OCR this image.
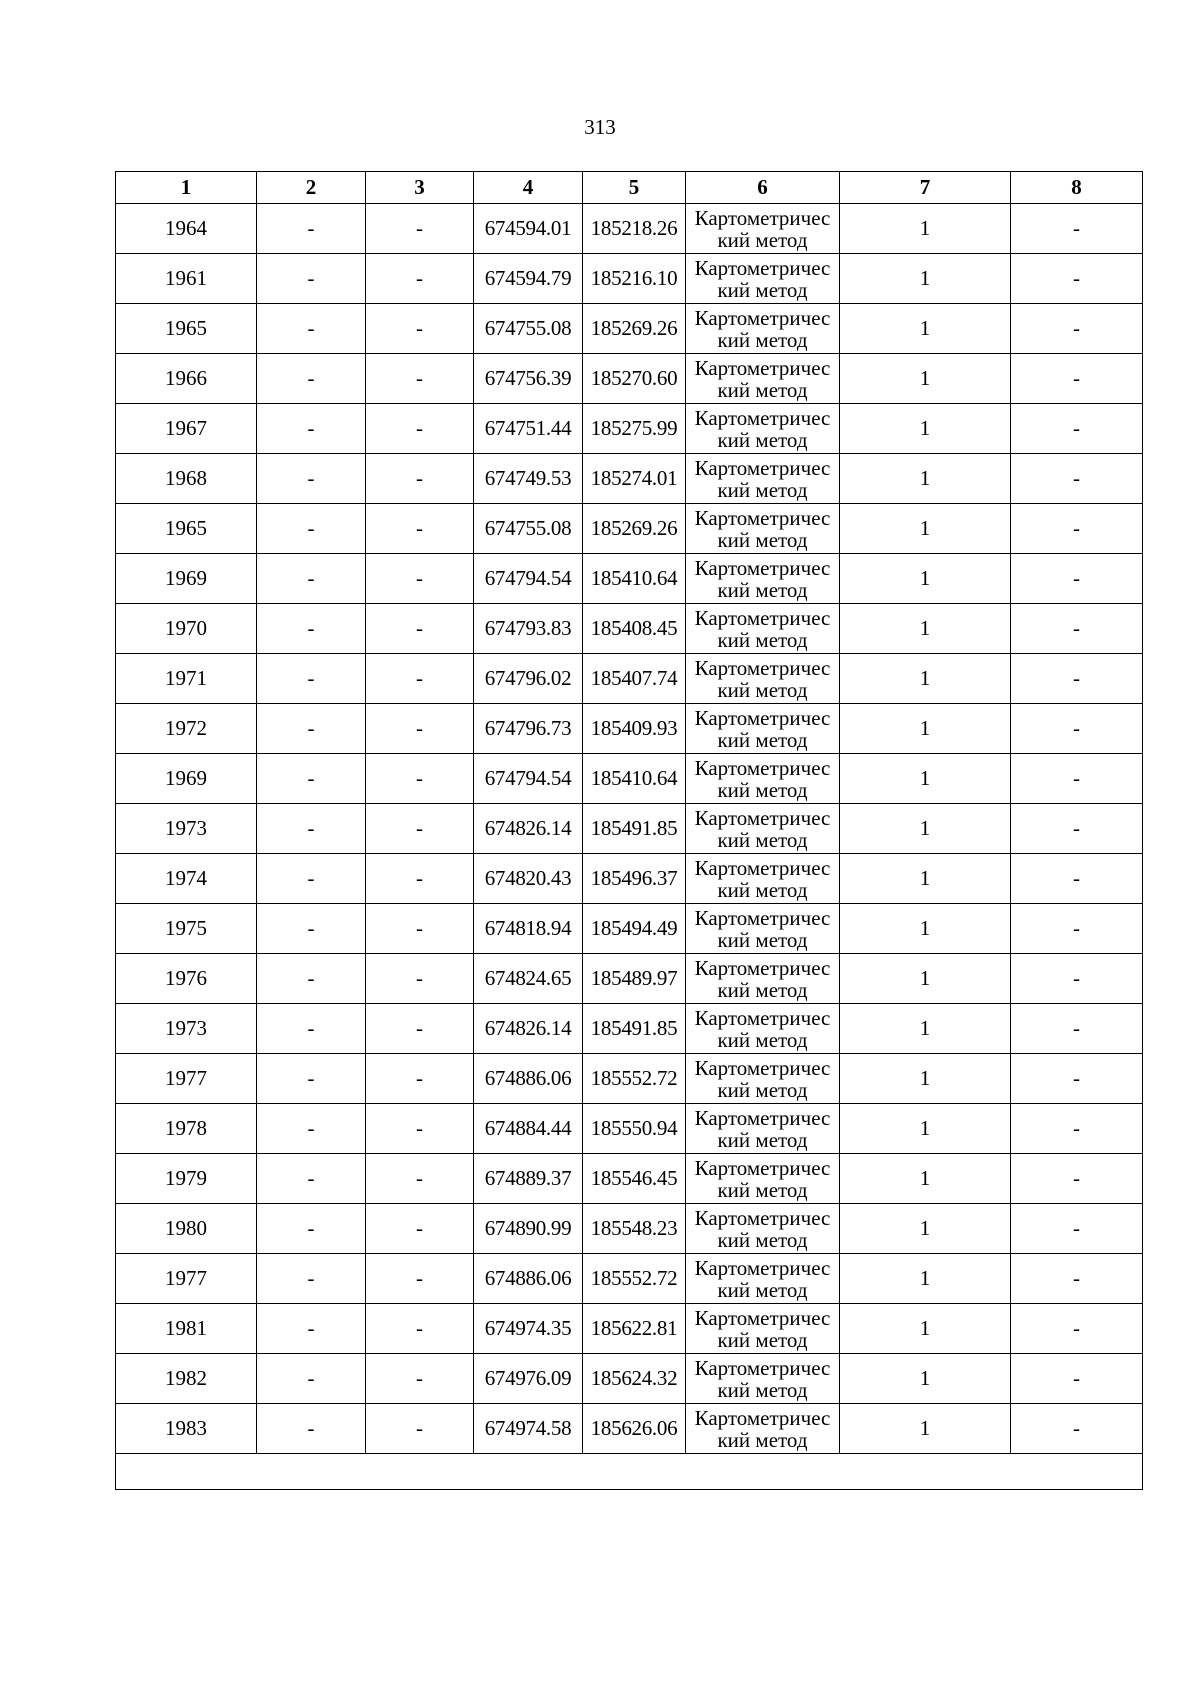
313
1	2	3	4	5	6	7	8
1964	-	-	674594.01	185218.26	Картометричес
кий метод	1	-
1961	-	-	674594.79	185216.10	Картометричес
кий метод	1	-
1965	-	-	674755.08	185269.26	Картометричес
кий метод	1	-
1966	-	-	674756.39	185270.60	Картометричес
кий метод	1	-
1967	-	-	674751.44	185275.99	Картометричес
кий метод	1	-
1968	-	-	674749.53	185274.01	Картометричес
кий метод	1	-
1965	-	-	674755.08	185269.26	Картометричес
кий метод	1	-
1969	-	-	674794.54	185410.64	Картометричес
кий метод	1	-
1970	-	-	674793.83	185408.45	Картометричес
кий метод	1	-
1971	-	-	674796.02	185407.74	Картометричес
кий метод	1	-
1972	-	-	674796.73	185409.93	Картометричес
кий метод	1	-
1969	-	-	674794.54	185410.64	Картометричес
кий метод	1	-
1973	-	-	674826.14	185491.85	Картометричес
кий метод	1	-
1974	-	-	674820.43	185496.37	Картометричес
кий метод	1	-
1975	-	-	674818.94	185494.49	Картометричес
кий метод	1	-
1976	-	-	674824.65	185489.97	Картометричес
кий метод	1	-
1973	-	-	674826.14	185491.85	Картометричес
кий метод	1	-
1977	-	-	674886.06	185552.72	Картометричес
кий метод	1	-
1978	-	-	674884.44	185550.94	Картометричес
кий метод	1	-
1979	-	-	674889.37	185546.45	Картометричес
кий метод	1	-
1980	-	-	674890.99	185548.23	Картометричес
кий метод	1	-
1977	-	-	674886.06	185552.72	Картометричес
кий метод	1	-
1981	-	-	674974.35	185622.81	Картометричес
кий метод	1	-
1982	-	-	674976.09	185624.32	Картометричес
кий метод	1	-
1983	-	-	674974.58	185626.06	Картометричес
кий метод	1	-
